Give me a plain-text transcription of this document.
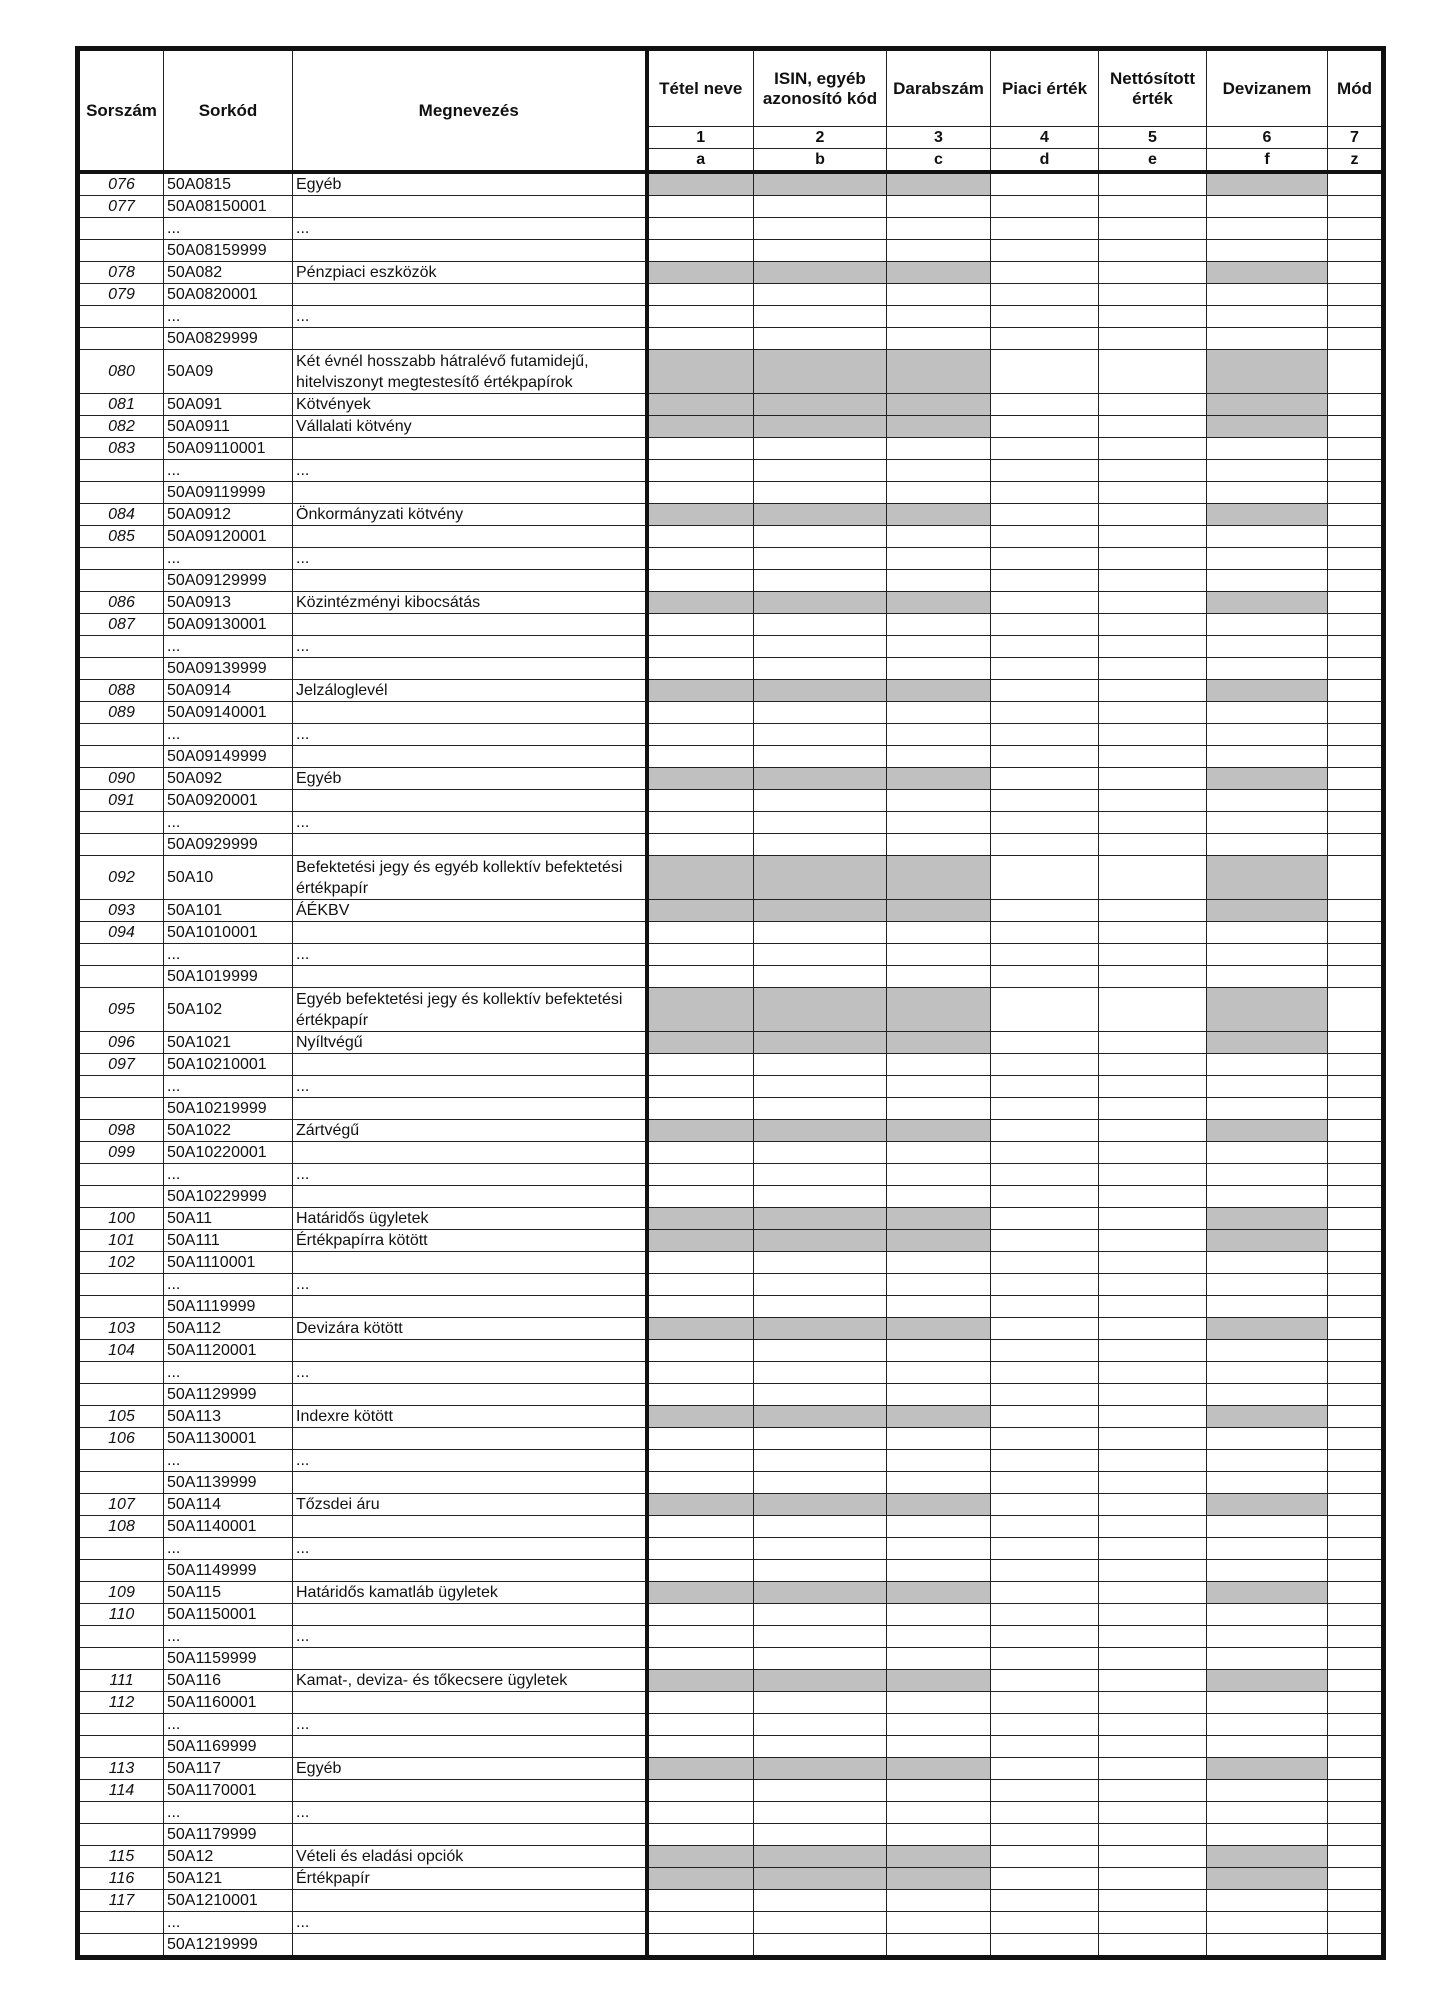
Sorszám	Sorkód	Megnevezés	Tétel neve	ISIN, egyéb azonosító kód	Darabszám	Piaci érték	Nettósított érték	Devizanem	Mód
			1	2	3	4	5	6	7
			a	b	c	d	e	f	z
076	50A0815	Egyéb							
077	50A08150001								
	...	...							
	50A08159999								
078	50A082	Pénzpiaci eszközök							
079	50A0820001								
	...	...							
	50A0829999								
080	50A09	Két évnél hosszabb hátralévő futamidejű, hitelviszonyt megtestesítő értékpapírok							
081	50A091	Kötvények							
082	50A0911	Vállalati kötvény							
083	50A09110001								
	...	...							
	50A09119999								
084	50A0912	Önkormányzati kötvény							
085	50A09120001								
	...	...							
	50A09129999								
086	50A0913	Közintézményi kibocsátás							
087	50A09130001								
	...	...							
	50A09139999								
088	50A0914	Jelzáloglevél							
089	50A09140001								
	...	...							
	50A09149999								
090	50A092	Egyéb							
091	50A0920001								
	...	...							
	50A0929999								
092	50A10	Befektetési jegy és egyéb kollektív befektetési értékpapír							
093	50A101	ÁÉKBV							
094	50A1010001								
	...	...							
	50A1019999								
095	50A102	Egyéb befektetési jegy és kollektív befektetési értékpapír							
096	50A1021	Nyíltvégű							
097	50A10210001								
	...	...							
	50A10219999								
098	50A1022	Zártvégű							
099	50A10220001								
	...	...							
	50A10229999								
100	50A11	Határidős ügyletek							
101	50A111	Értékpapírra kötött							
102	50A1110001								
	...	...							
	50A1119999								
103	50A112	Devizára kötött							
104	50A1120001								
	...	...							
	50A1129999								
105	50A113	Indexre kötött							
106	50A1130001								
	...	...							
	50A1139999								
107	50A114	Tőzsdei áru							
108	50A1140001								
	...	...							
	50A1149999								
109	50A115	Határidős kamatláb ügyletek							
110	50A1150001								
	...	...							
	50A1159999								
111	50A116	Kamat-, deviza- és tőkecsere ügyletek							
112	50A1160001								
	...	...							
	50A1169999								
113	50A117	Egyéb							
114	50A1170001								
	...	...							
	50A1179999								
115	50A12	Vételi és eladási opciók							
116	50A121	Értékpapír							
117	50A1210001								
	...	...							
	50A1219999								
